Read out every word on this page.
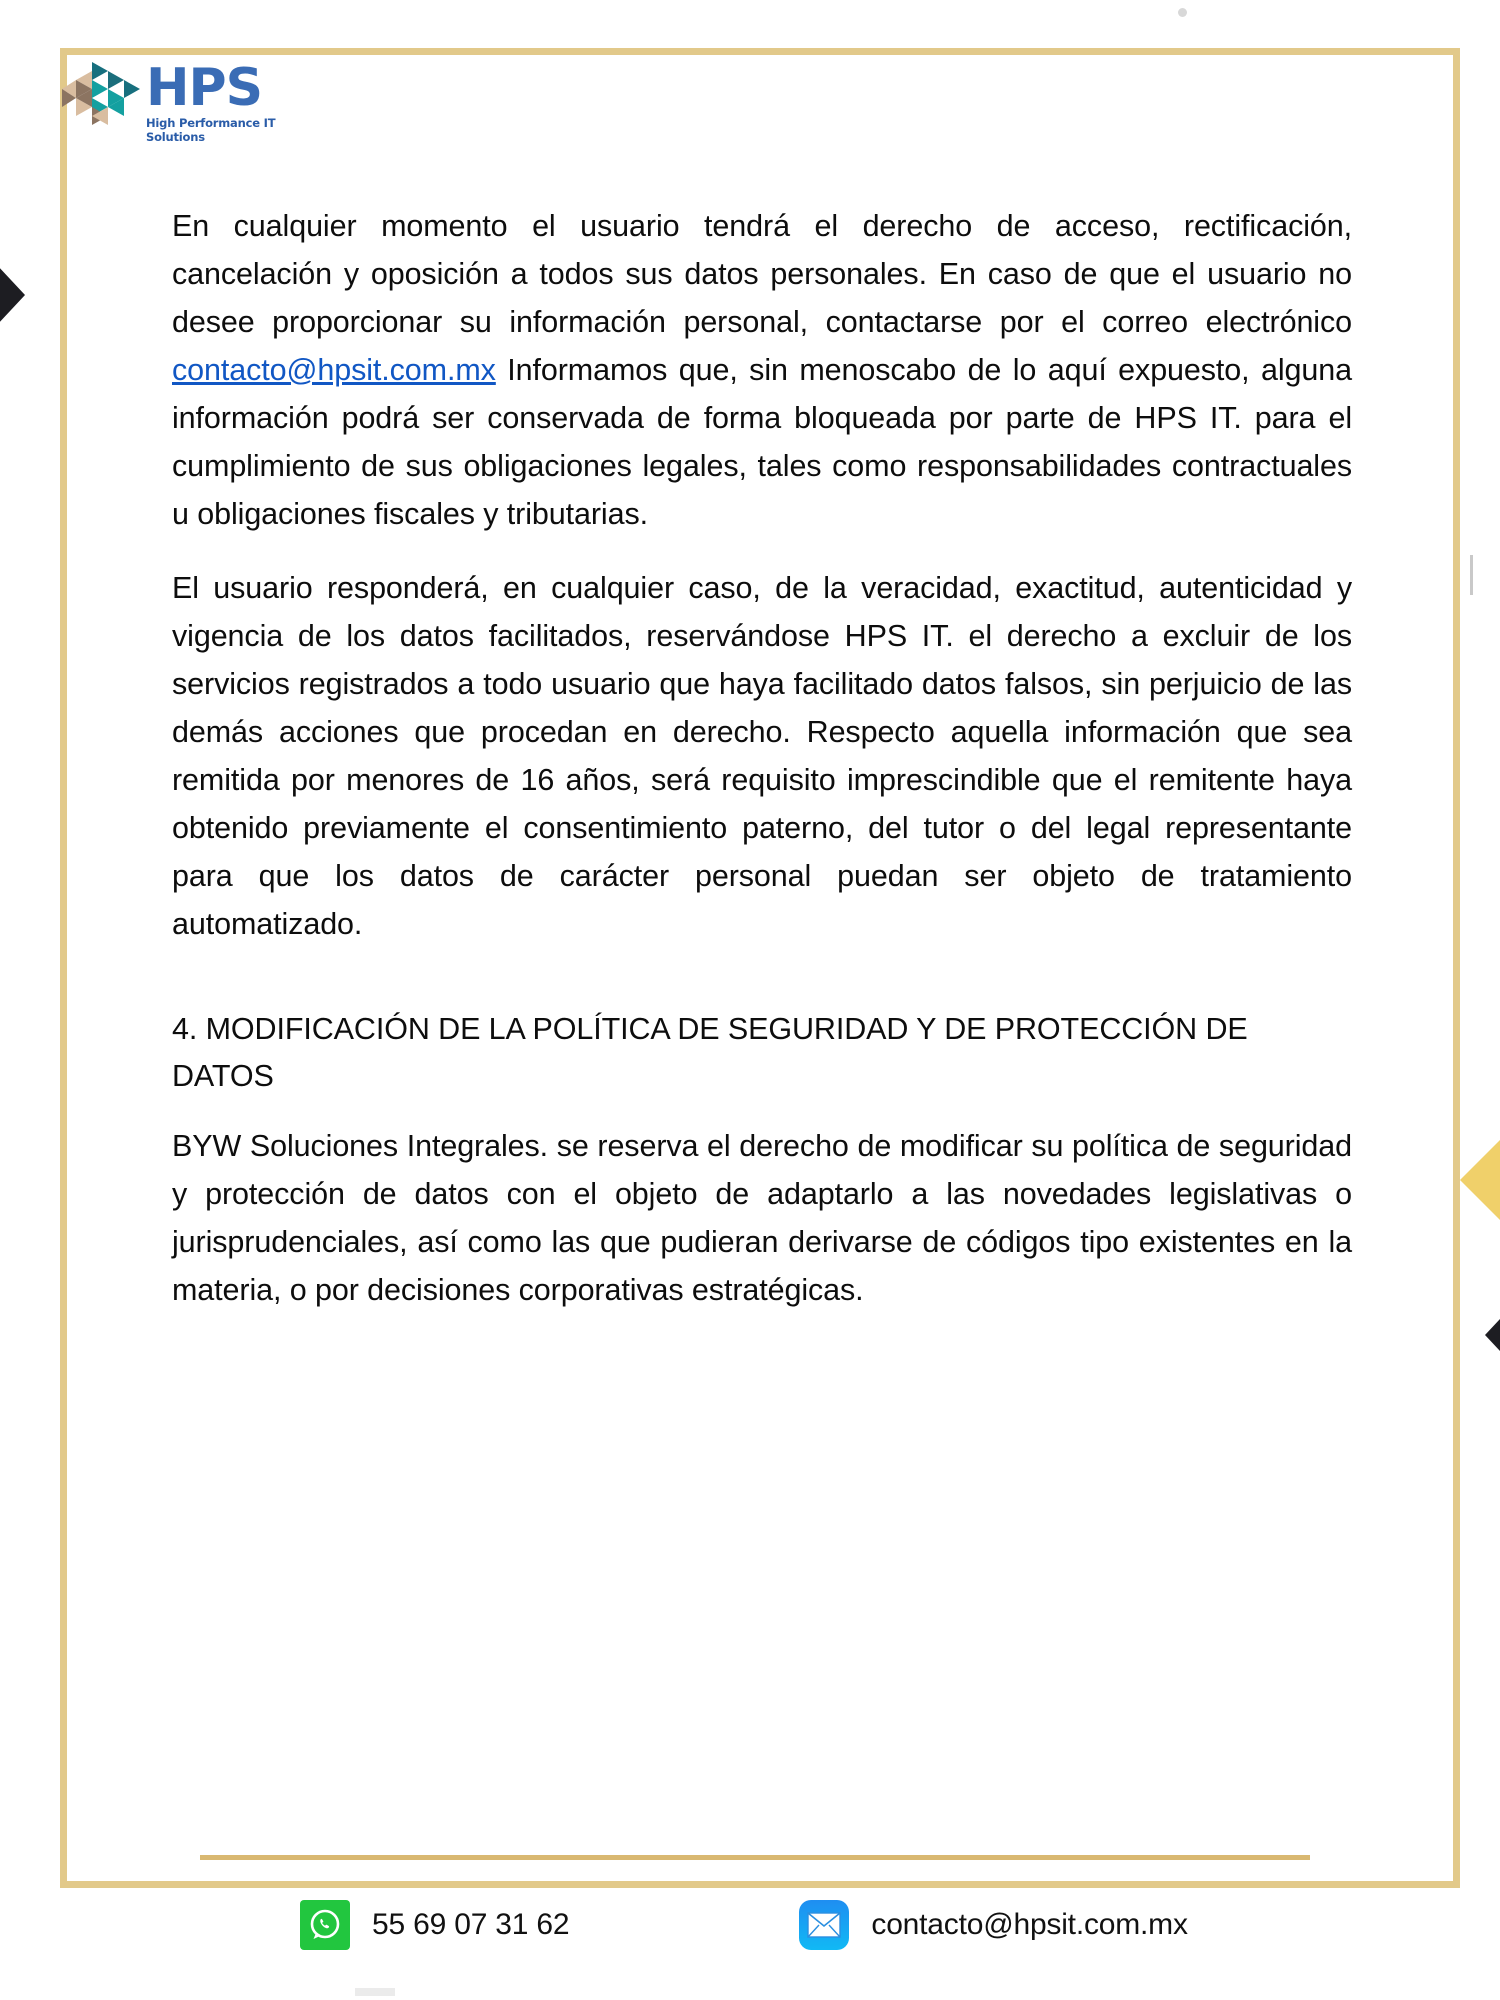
HPS
High Performance IT Solutions

En cualquier momento el usuario tendrá el derecho de acceso, rectificación, cancelación y oposición a todos sus datos personales. En caso de que el usuario no desee proporcionar su información personal, contactarse por el correo electrónico contacto@hpsit.com.mx Informamos que, sin menoscabo de lo aquí expuesto, alguna información podrá ser conservada de forma bloqueada por parte de HPS IT. para el cumplimiento de sus obligaciones legales, tales como responsabilidades contractuales u obligaciones fiscales y tributarias.

El usuario responderá, en cualquier caso, de la veracidad, exactitud, autenticidad y vigencia de los datos facilitados, reservándose HPS IT. el derecho a excluir de los servicios registrados a todo usuario que haya facilitado datos falsos, sin perjuicio de las demás acciones que procedan en derecho. Respecto aquella información que sea remitida por menores de 16 años, será requisito imprescindible que el remitente haya obtenido previamente el consentimiento paterno, del tutor o del legal representante para que los datos de carácter personal puedan ser objeto de tratamiento automatizado.

4. MODIFICACIÓN DE LA POLÍTICA DE SEGURIDAD Y DE PROTECCIÓN DE DATOS

BYW Soluciones Integrales. se reserva el derecho de modificar su política de seguridad y protección de datos con el objeto de adaptarlo a las novedades legislativas o jurisprudenciales, así como las que pudieran derivarse de códigos tipo existentes en la materia, o por decisiones corporativas estratégicas.

55 69 07 31 62	contacto@hpsit.com.mx
